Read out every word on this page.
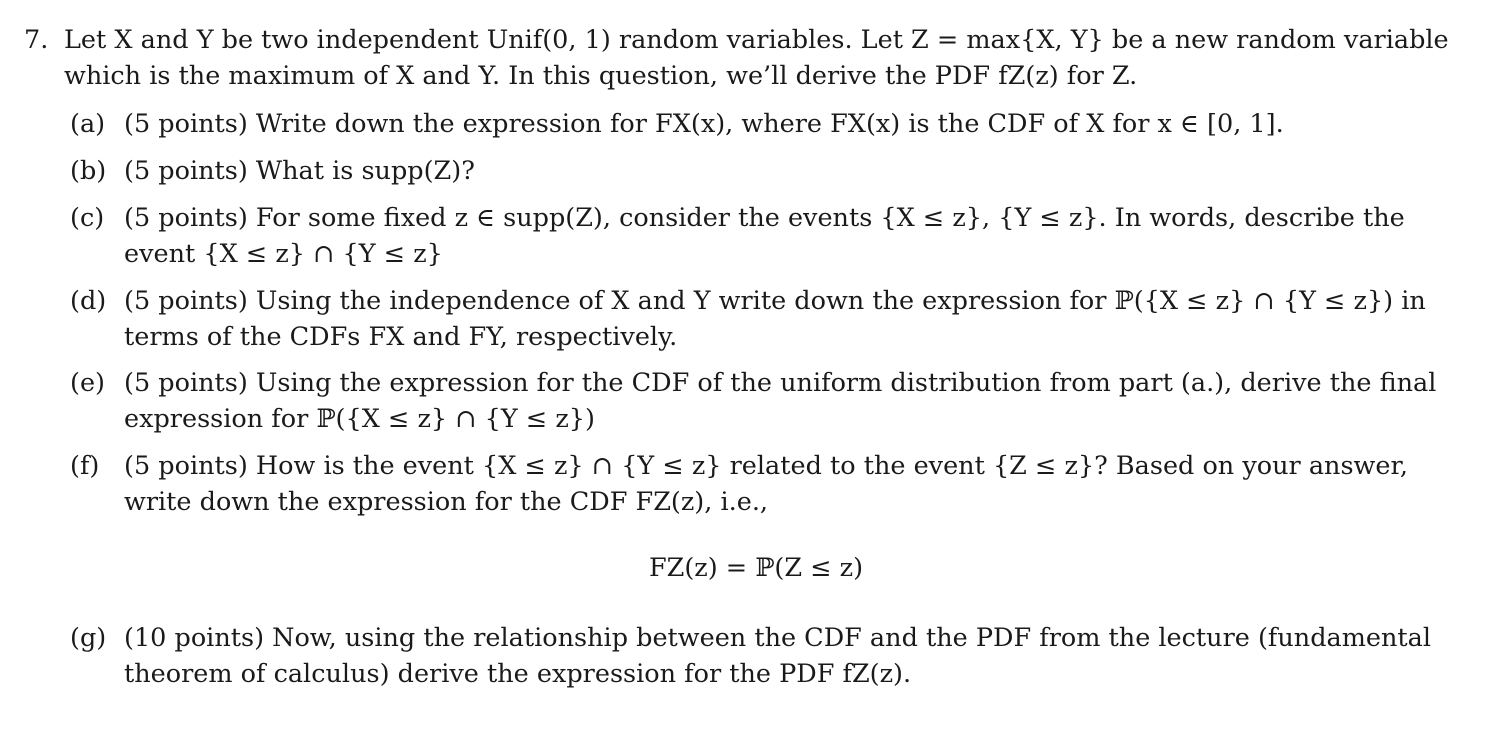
7. Let X and Y be two independent Unif(0, 1) random variables. Let Z = max{X, Y} be a new random variable
which is the maximum of X and Y. In this question, we’ll derive the PDF fZ(z) for Z.
(a) (5 points) Write down the expression for FX(x), where FX(x) is the CDF of X for x ∈ [0, 1].
(b) (5 points) What is supp(Z)?
(c) (5 points) For some fixed z ∈ supp(Z), consider the events {X ≤ z}, {Y ≤ z}. In words, describe the
event {X ≤ z} ∩ {Y ≤ z}
(d) (5 points) Using the independence of X and Y write down the expression for ℙ({X ≤ z} ∩ {Y ≤ z}) in
terms of the CDFs FX and FY, respectively.
(e) (5 points) Using the expression for the CDF of the uniform distribution from part (a.), derive the final
expression for ℙ({X ≤ z} ∩ {Y ≤ z})
(f) (5 points) How is the event {X ≤ z} ∩ {Y ≤ z} related to the event {Z ≤ z}? Based on your answer,
write down the expression for the CDF FZ(z), i.e.,
FZ(z) = ℙ(Z ≤ z)
(g) (10 points) Now, using the relationship between the CDF and the PDF from the lecture (fundamental
theorem of calculus) derive the expression for the PDF fZ(z).
